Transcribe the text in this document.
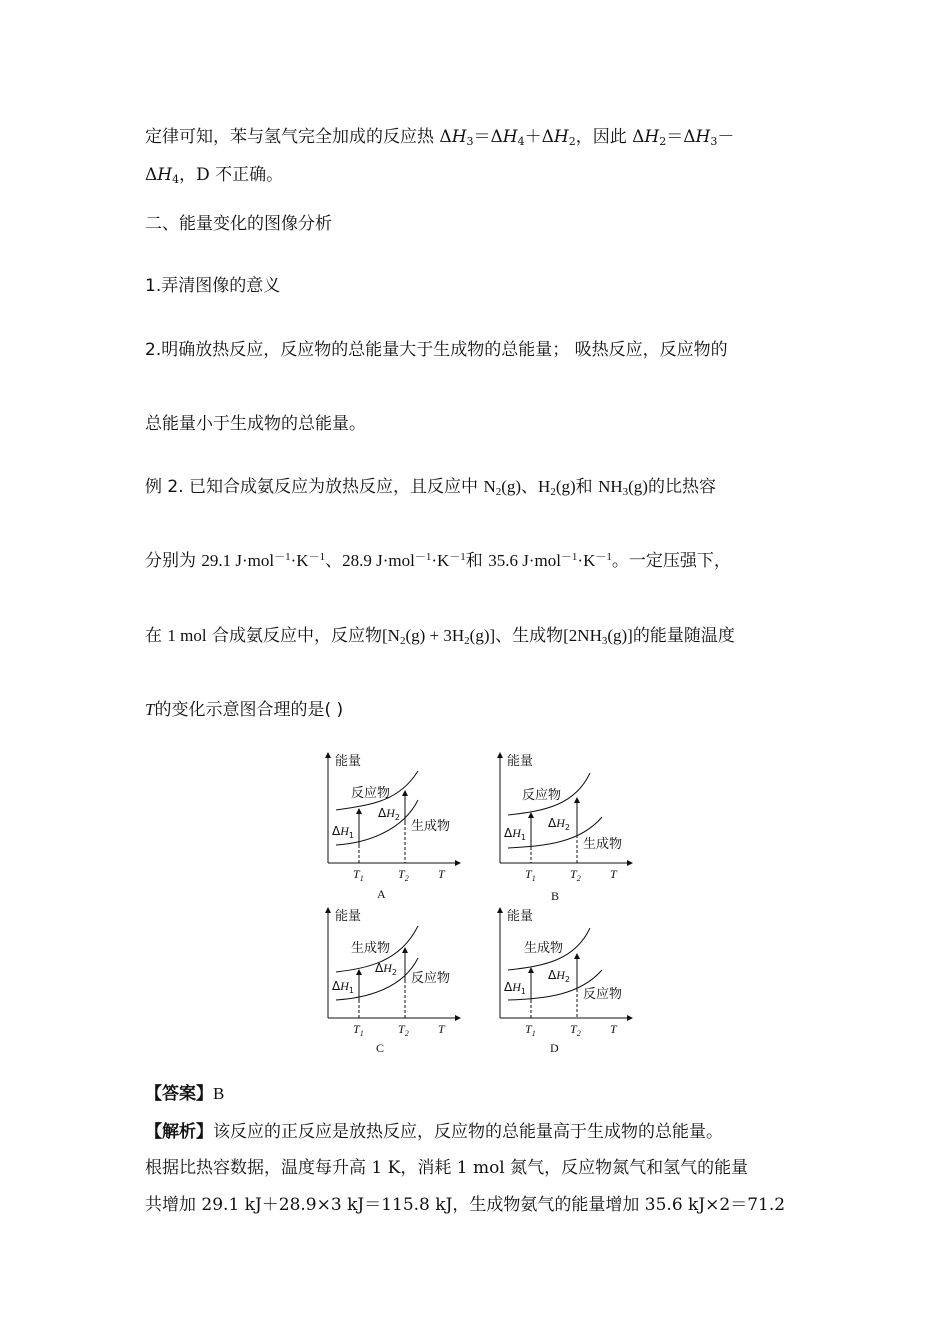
定律可知，苯与氢气完全加成的反应热 $\Delta H_3=\Delta H_4+\Delta H_2$，因此 $\Delta H_2=\Delta H_3-$
$\Delta H_4$，D 不正确。
二、能量变化的图像分析
1.弄清图像的意义
2.明确放热反应，反应物的总能量大于生成物的总能量； 吸热反应，反应物的
总能量小于生成物的总能量。
例 2. 已知合成氨反应为放热反应，且反应中 $N_2(g)$、$H_2(g)$和 $NH_3(g)$的比热容
分别为 29.1 $J\cdot mol^{-1}\cdot K^{-1}$、28.9 $J\cdot mol^{-1}\cdot K^{-1}$和 35.6 $J\cdot mol^{-1}\cdot K^{-1}$。一定压强下，
在 1 mol 合成氨反应中，反应物$[N_2(g) + 3H_2(g)]$、生成物$[2NH_3(g)]$的能量随温度
T的变化示意图合理的是( )
能量
反应物
生成物
$\Delta H_1$
$\Delta H_2$
$T_1$	$T_2$ T
A
能量
反应物
生成物
$\Delta H_1$
$\Delta H_2$
$T_1$	$T_2$ T
B
能量
生成物
反应物
$\Delta H_1$
$\Delta H_2$
$T_1$	$T_2$ T
C
能量
生成物
反应物
$\Delta H_1$
$\Delta H_2$
$T_1$	$T_2$ T
D
【答案】B
【解析】该反应的正反应是放热反应，反应物的总能量高于生成物的总能量。
根据比热容数据，温度每升高 1 K，消耗 1 mol 氮气，反应物氮气和氢气的能量
共增加 29.1 kJ＋28.9×3 kJ＝115.8 kJ，生成物氨气的能量增加 35.6 kJ×2＝71.2
